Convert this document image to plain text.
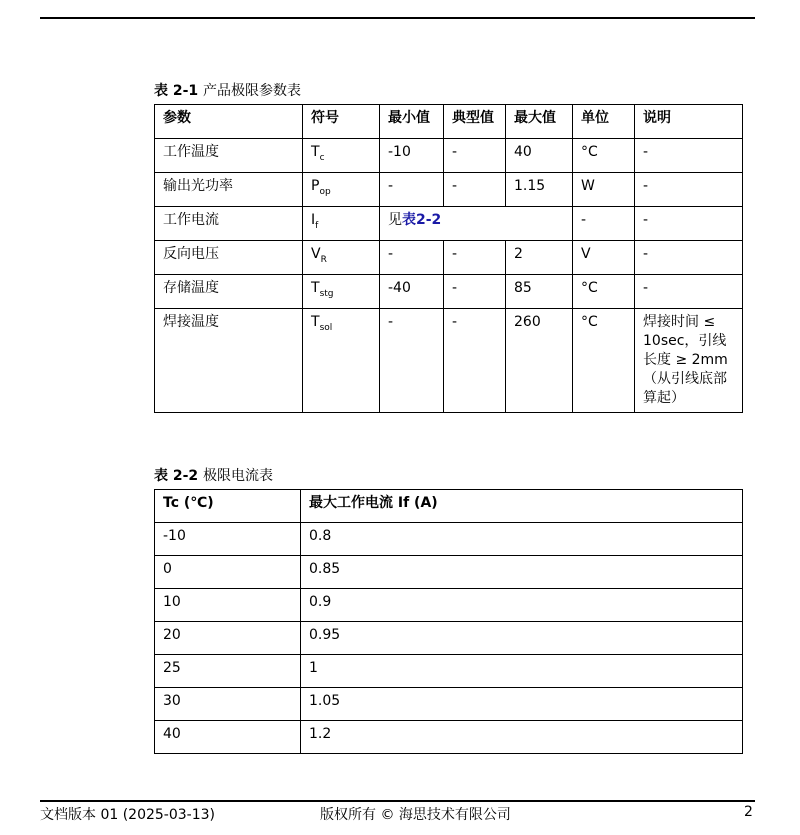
表 2-1 产品极限参数表
参数	符号	最小值	典型值	最大值	单位	说明
工作温度	$T_c$	-10	-	40	°C	-
输出光功率	$P_{op}$	-	-	1.15	W	-
工作电流	$I_f$	见表2-2			-	-
反向电压	$V_R$	-	-	2	V	-
存储温度	$T_{stg}$	-40	-	85	°C	-
焊接温度	$T_{sol}$	-	-	260	°C	焊接时间 ≤ 10sec，引线长度 ≥ 2mm （从引线底部算起）
表 2-2 极限电流表
Tc (℃)	最大工作电流 If (A)
-10	0.8
0	0.85
10	0.9
20	0.95
25	1
30	1.05
40	1.2
文档版本 01 (2025-03-13)	版权所有 © 海思技术有限公司	2
